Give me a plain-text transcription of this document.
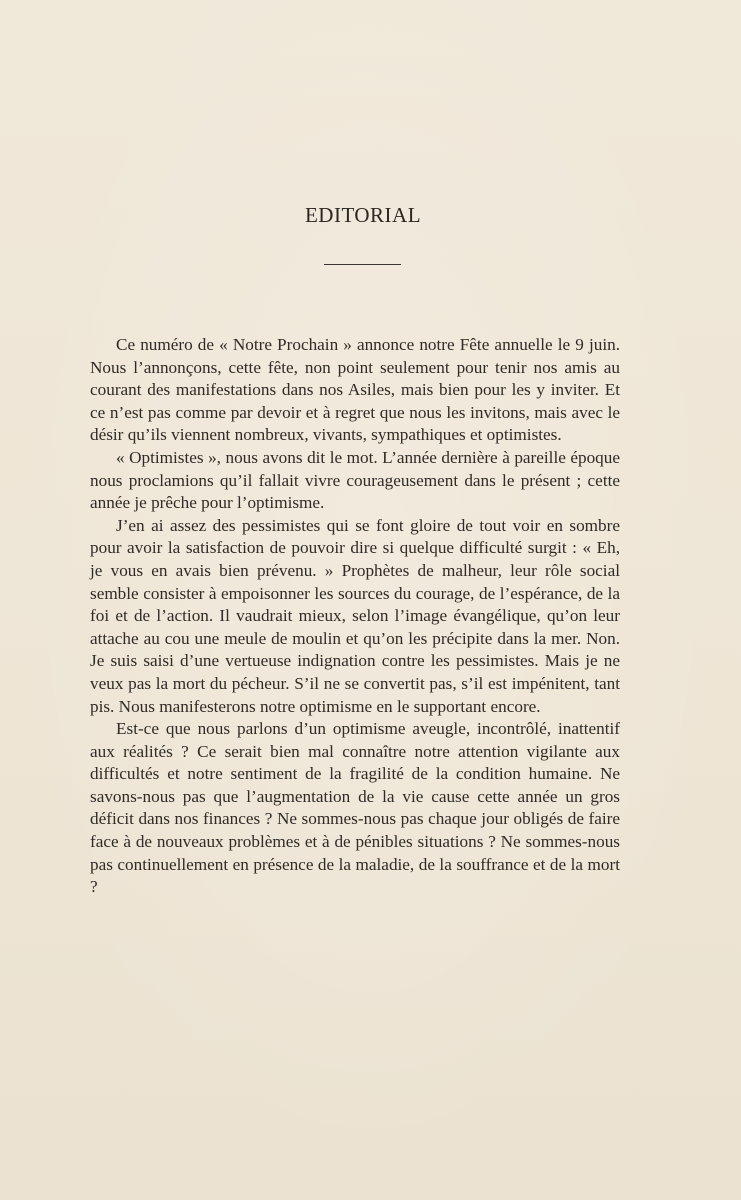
EDITORIAL

Ce numéro de « Notre Prochain » annonce notre Fête annuelle le 9 juin. Nous l’annonçons, cette fête, non point seulement pour tenir nos amis au courant des manifestations dans nos Asiles, mais bien pour les y inviter. Et ce n’est pas comme par devoir et à regret que nous les invitons, mais avec le désir qu’ils viennent nombreux, vivants, sympathiques et optimistes.

« Optimistes », nous avons dit le mot. L’année dernière à pareille époque nous proclamions qu’il fallait vivre courageusement dans le présent ; cette année je prêche pour l’optimisme.

J’en ai assez des pessimistes qui se font gloire de tout voir en sombre pour avoir la satisfaction de pouvoir dire si quelque difficulté surgit : « Eh, je vous en avais bien prévenu. » Prophètes de malheur, leur rôle social semble consister à empoisonner les sources du courage, de l’espérance, de la foi et de l’action. Il vaudrait mieux, selon l’image évangélique, qu’on leur attache au cou une meule de moulin et qu’on les précipite dans la mer. Non. Je suis saisi d’une vertueuse indignation contre les pessimistes. Mais je ne veux pas la mort du pécheur. S’il ne se convertit pas, s’il est impénitent, tant pis. Nous manifesterons notre optimisme en le supportant encore.

Est-ce que nous parlons d’un optimisme aveugle, incontrôlé, inattentif aux réalités ? Ce serait bien mal connaître notre attention vigilante aux difficultés et notre sentiment de la fragilité de la condition humaine. Ne savons-nous pas que l’augmentation de la vie cause cette année un gros déficit dans nos finances ? Ne sommes-nous pas chaque jour obligés de faire face à de nouveaux problèmes et à de pénibles situations ? Ne sommes-nous pas continuellement en présence de la maladie, de la souffrance et de la mort ?
